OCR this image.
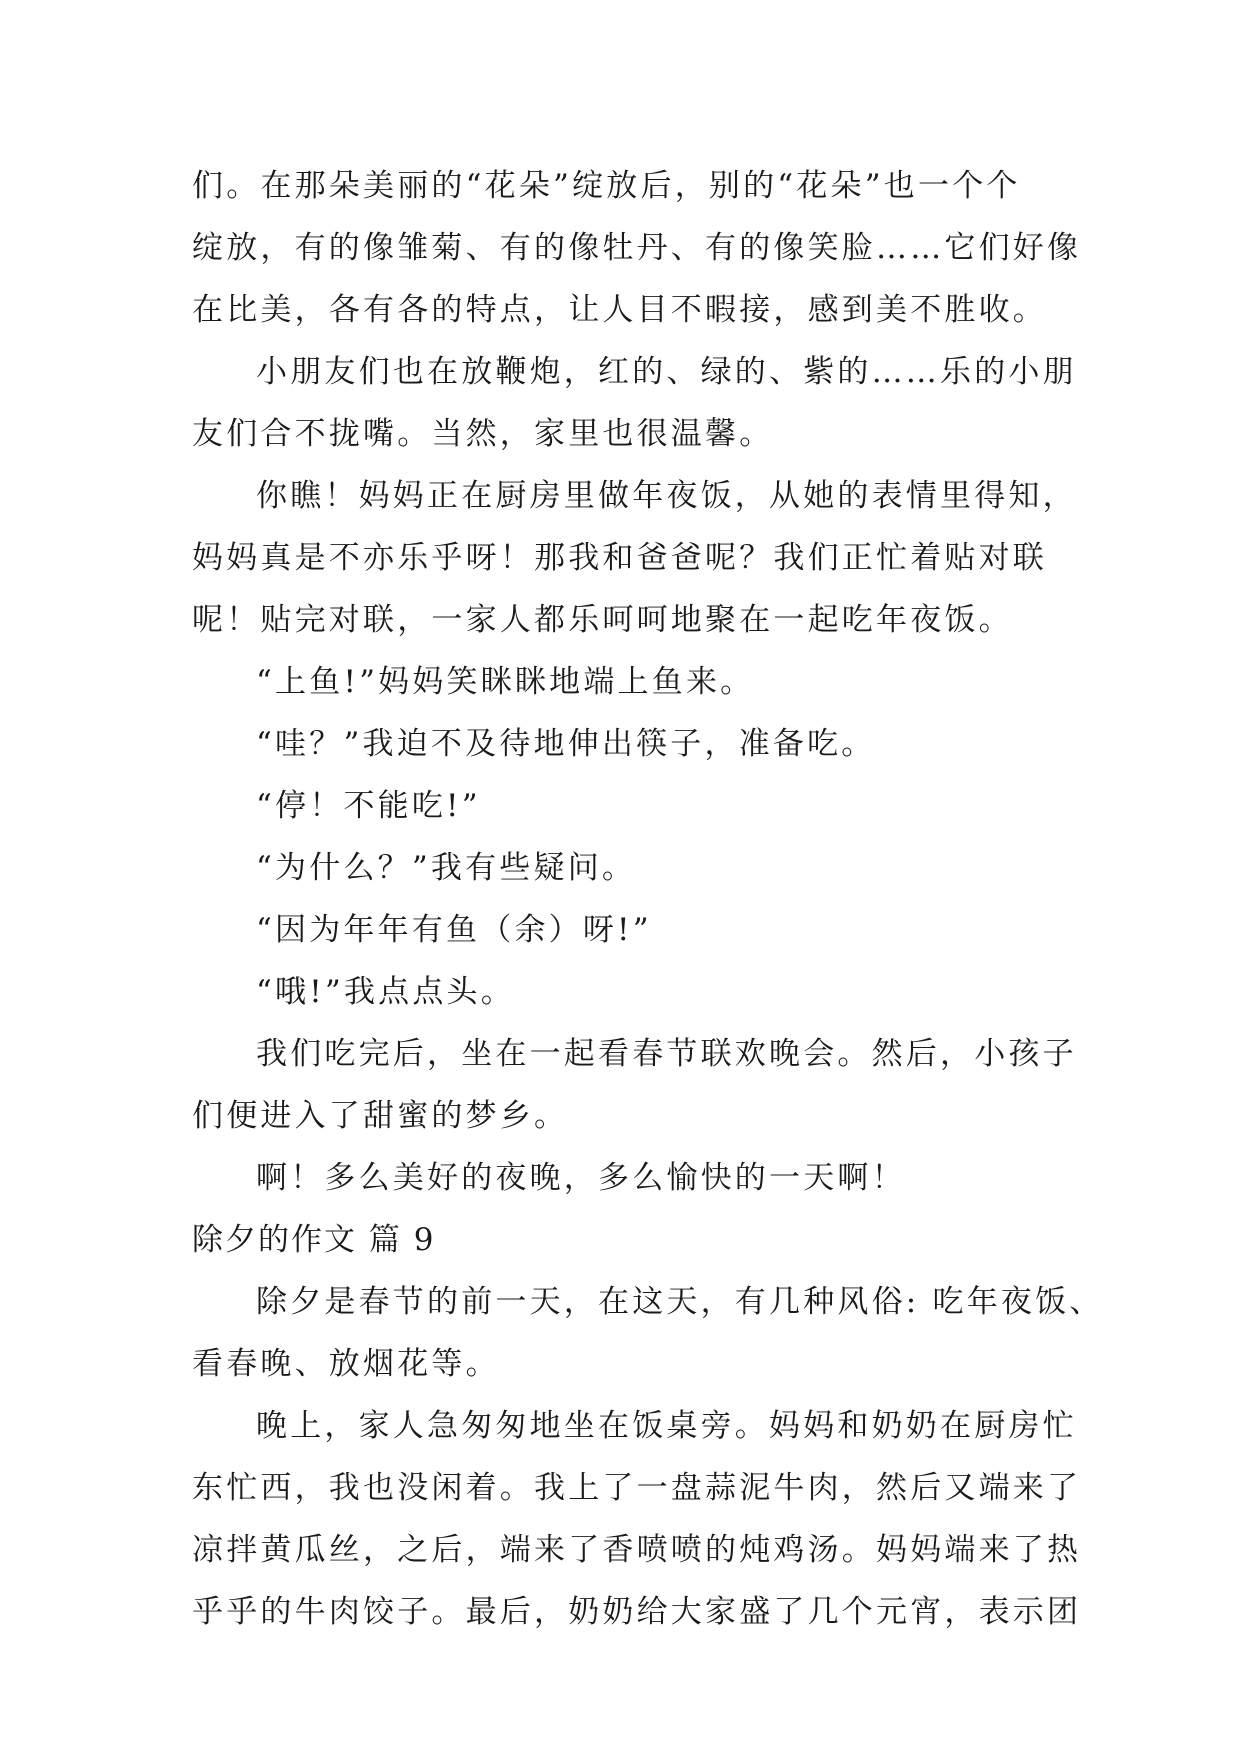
们。在那朵美丽的“花朵”绽放后，别的“花朵”也一个个
绽放，有的像雏菊、有的像牡丹、有的像笑脸……它们好像
在比美，各有各的特点，让人目不暇接，感到美不胜收。
小朋友们也在放鞭炮，红的、绿的、紫的……乐的小朋
友们合不拢嘴。当然，家里也很温馨。
你瞧！妈妈正在厨房里做年夜饭，从她的表情里得知，
妈妈真是不亦乐乎呀！那我和爸爸呢？我们正忙着贴对联
呢！贴完对联，一家人都乐呵呵地聚在一起吃年夜饭。
“上鱼!”妈妈笑眯眯地端上鱼来。
“哇？”我迫不及待地伸出筷子，准备吃。
“停！不能吃!”
“为什么？”我有些疑问。
“因为年年有鱼（余）呀!”
“哦!”我点点头。
我们吃完后，坐在一起看春节联欢晚会。然后，小孩子
们便进入了甜蜜的梦乡。
啊！多么美好的夜晚，多么愉快的一天啊！
除夕的作文 篇 9
除夕是春节的前一天，在这天，有几种风俗: 吃年夜饭、
看春晚、放烟花等。
晚上，家人急匆匆地坐在饭桌旁。妈妈和奶奶在厨房忙
东忙西，我也没闲着。我上了一盘蒜泥牛肉，然后又端来了
凉拌黄瓜丝，之后，端来了香喷喷的炖鸡汤。妈妈端来了热
乎乎的牛肉饺子。最后，奶奶给大家盛了几个元宵，表示团
